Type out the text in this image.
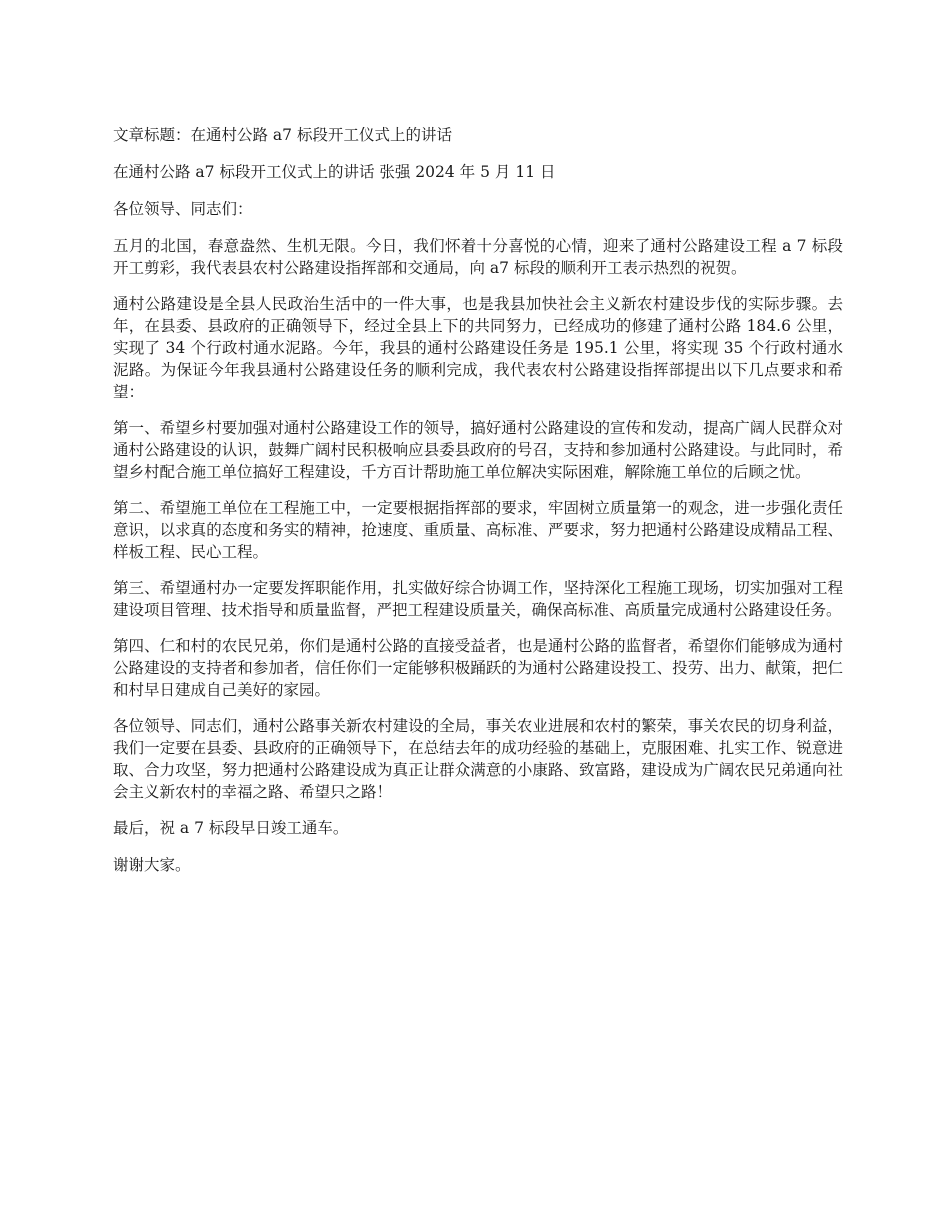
文章标题：在通村公路 a7 标段开工仪式上的讲话

在通村公路 a7 标段开工仪式上的讲话 张强 2024 年 5 月 11 日

各位领导、同志们：

五月的北国，春意盎然、生机无限。今日，我们怀着十分喜悦的心情，迎来了通村公路建设工程 a 7 标段开工剪彩，我代表县农村公路建设指挥部和交通局，向 a7 标段的顺利开工表示热烈的祝贺。

通村公路建设是全县人民政治生活中的一件大事，也是我县加快社会主义新农村建设步伐的实际步骤。去年，在县委、县政府的正确领导下，经过全县上下的共同努力，已经成功的修建了通村公路 184.6 公里，实现了 34 个行政村通水泥路。今年，我县的通村公路建设任务是 195.1 公里，将实现 35 个行政村通水泥路。为保证今年我县通村公路建设任务的顺利完成，我代表农村公路建设指挥部提出以下几点要求和希望：

第一、希望乡村要加强对通村公路建设工作的领导，搞好通村公路建设的宣传和发动，提高广阔人民群众对通村公路建设的认识，鼓舞广阔村民积极响应县委县政府的号召，支持和参加通村公路建设。与此同时，希望乡村配合施工单位搞好工程建设，千方百计帮助施工单位解决实际困难，解除施工单位的后顾之忧。

第二、希望施工单位在工程施工中，一定要根据指挥部的要求，牢固树立质量第一的观念，进一步强化责任意识，以求真的态度和务实的精神，抢速度、重质量、高标准、严要求，努力把通村公路建设成精品工程、样板工程、民心工程。

第三、希望通村办一定要发挥职能作用，扎实做好综合协调工作，坚持深化工程施工现场，切实加强对工程建设项目管理、技术指导和质量监督，严把工程建设质量关，确保高标准、高质量完成通村公路建设任务。

第四、仁和村的农民兄弟，你们是通村公路的直接受益者，也是通村公路的监督者，希望你们能够成为通村公路建设的支持者和参加者，信任你们一定能够积极踊跃的为通村公路建设投工、投劳、出力、献策，把仁和村早日建成自己美好的家园。

各位领导、同志们，通村公路事关新农村建设的全局，事关农业进展和农村的繁荣，事关农民的切身利益，我们一定要在县委、县政府的正确领导下，在总结去年的成功经验的基础上，克服困难、扎实工作、锐意进取、合力攻坚，努力把通村公路建设成为真正让群众满意的小康路、致富路，建设成为广阔农民兄弟通向社会主义新农村的幸福之路、希望只之路！

最后，祝 a 7 标段早日竣工通车。

谢谢大家。
